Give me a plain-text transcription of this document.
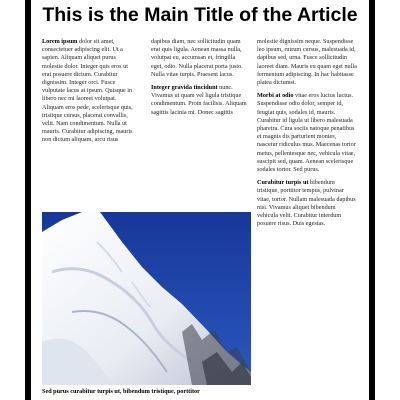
This is the Main Title of the Article

Lorem ipsum dolor sit amet, consectetuer adipiscing elit. Ut a sapien. Aliquam aliquet purus molestie dolor. Integer quis eros ut erat posuere dictum. Curabitur dignissim. Integer orci. Fusce vulputate lacus at ipsum. Quisque in libero nec mi laoreet volutpat. Aliquam eros pede, scelerisque quis, tristique cursus, placerat convallis, velit. Nam condimentum. Nulla ut mauris. Curabitur adipiscing, mauris non dictum aliquam, arcu risus

dapibus diam, nec sollicitudin quam erat quis ligula. Aenean massa nulla, volutpat eu, accumsan et, fringilla eget, odio. Nulla placerat porta justo. Nulla vitae turpis. Praesent lacus.

Integer gravida tincidunt nunc. Vivamus ut quam vel ligula tristique condimentum. Proin facilisis. Aliquam sagittis lacinia mi. Donec sagittis

molestie dignissim neque. Suspendisse leo ipsum, rutrum cursus, malesuada id, dapibus sed, urna. Fusce sollicitudin laoreet diam. Mauris eu quam eget nulla fermentum adipiscing. In hac habitasse platea dictumst.

Morbi at odio vitae eros luctus luctus. Suspendisse odio dolor, semper id, feugiat quis, sodales id, mauris. Curabitur id ligula ut libero malesuada pharetra. Cura sociis natoque penatibus et magnis dis parturient montes, nascetur ridiculus mus. Maecenas tortor metus, pellentesque nec, vehicula vitae, suscipit sed, quam. Aenean scelerisque sodales tortor. Sed purus.

Curabitur turpis ut bibendum tristique, porttitor tempus, pulvinar vitae, tortor. Nullam malesuada dapibus nisi. Vivamus aliquet bibendum vehicula velit. Curabitur interdum posuere risus. Duis egestas.

Sed purus curabitur turpis ut, bibendum tristique, porttitor
